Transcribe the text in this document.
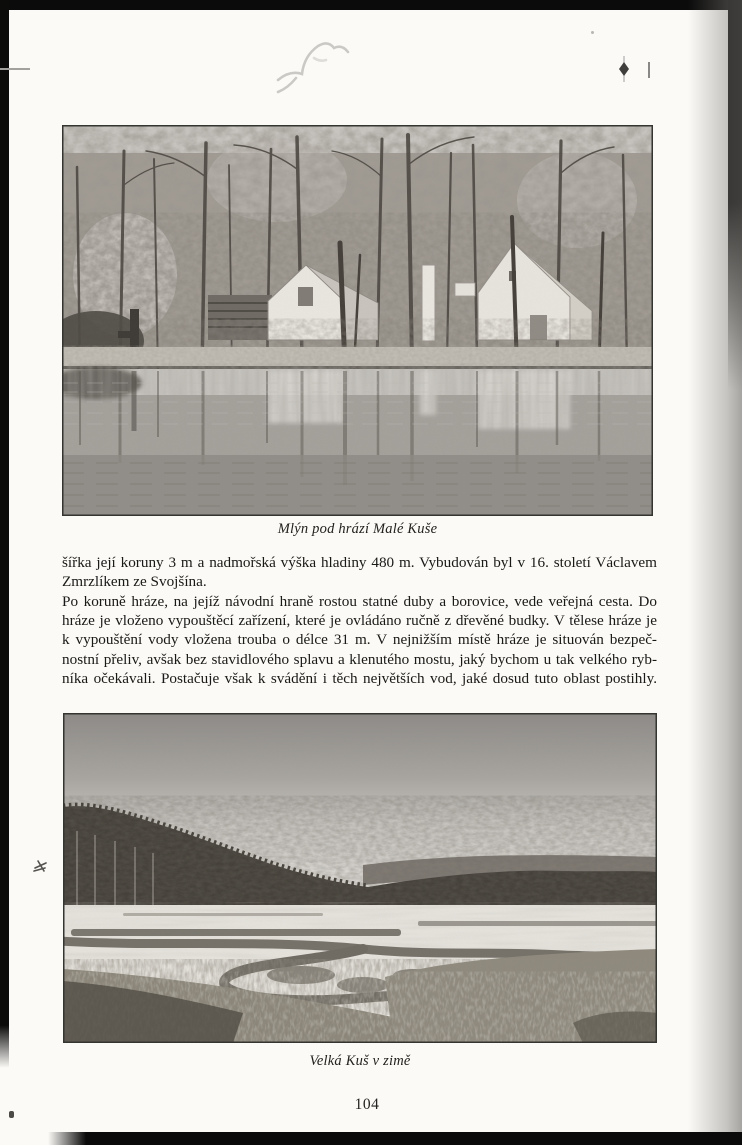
Mlýn pod hrází Malé Kuše
šířka její koruny 3 m a nadmořská výška hladiny 480 m. Vybudován byl v 16. století Václavem
Zmrzlíkem ze Svojšína.
Po koruně hráze, na jejíž návodní hraně rostou statné duby a borovice, vede veřejná cesta. Do
hráze je vloženo vypouštěcí zařízení, které je ovládáno ručně z dřevěné budky. V tělese hráze je
k vypouštění vody vložena trouba o délce 31 m. V nejnižším místě hráze je situován bezpeč-
nostní přeliv, avšak bez stavidlového splavu a klenutého mostu, jaký bychom u tak velkého ryb-
níka očekávali. Postačuje však k svádění i těch největších vod, jaké dosud tuto oblast postihly.
Velká Kuš v zimě
104
